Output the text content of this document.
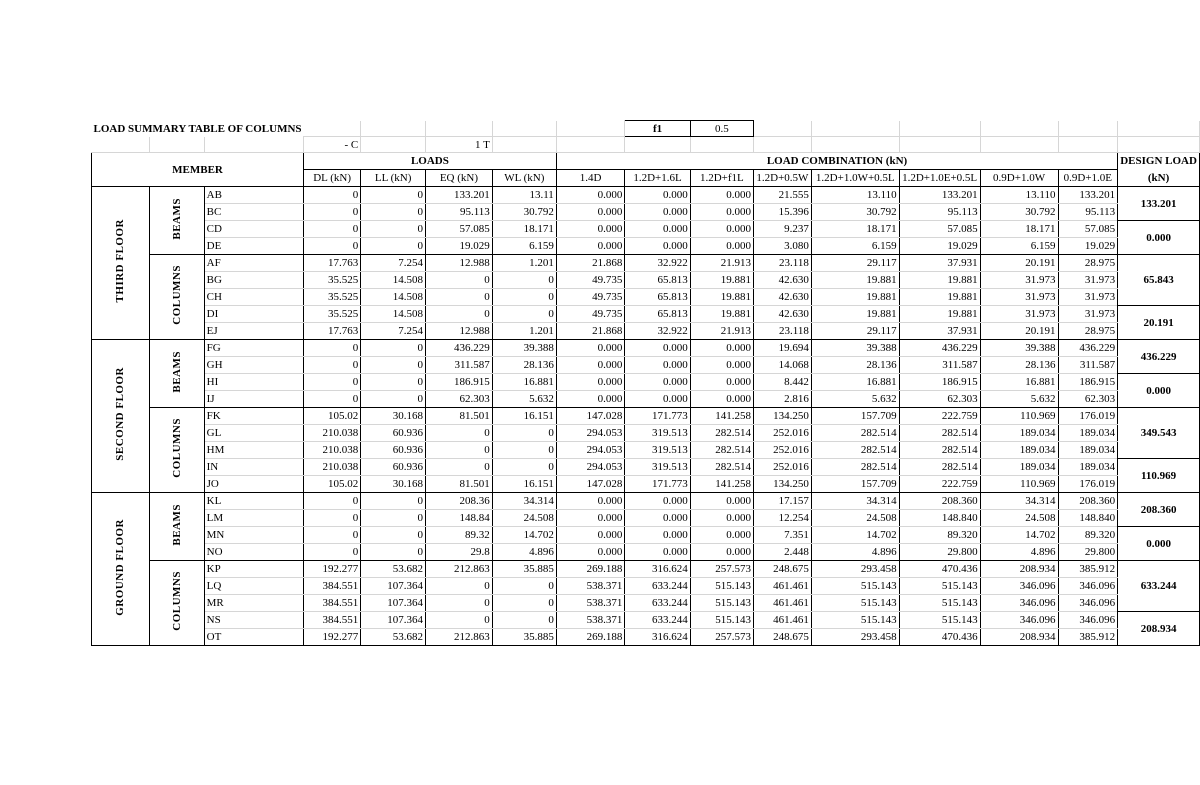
LOAD SUMMARY TABLE OF COLUMNS								f1	0.5						
			- C		1 T										
MEMBER			LOADS				LOAD COMBINATION (kN)								DESIGN LOAD
			DL (kN)	LL (kN)	EQ (kN)	WL (kN)	1.4D	1.2D+1.6L	1.2D+f1L	1.2D+0.5W	1.2D+1.0W+0.5L	1.2D+1.0E+0.5L	0.9D+1.0W	0.9D+1.0E	(kN)
THIRD FLOOR	BEAMS	AB	0	0	133.201	13.11	0.000	0.000	0.000	21.555	13.110	133.201	13.110	133.201	133.201
		BC	0	0	95.113	30.792	0.000	0.000	0.000	15.396	30.792	95.113	30.792	95.113	
		CD	0	0	57.085	18.171	0.000	0.000	0.000	9.237	18.171	57.085	18.171	57.085	0.000
		DE	0	0	19.029	6.159	0.000	0.000	0.000	3.080	6.159	19.029	6.159	19.029	
	COLUMNS	AF	17.763	7.254	12.988	1.201	21.868	32.922	21.913	23.118	29.117	37.931	20.191	28.975	65.843
		BG	35.525	14.508	0	0	49.735	65.813	19.881	42.630	19.881	19.881	31.973	31.973	
		CH	35.525	14.508	0	0	49.735	65.813	19.881	42.630	19.881	19.881	31.973	31.973	
		DI	35.525	14.508	0	0	49.735	65.813	19.881	42.630	19.881	19.881	31.973	31.973	20.191
		EJ	17.763	7.254	12.988	1.201	21.868	32.922	21.913	23.118	29.117	37.931	20.191	28.975	
SECOND FLOOR	BEAMS	FG	0	0	436.229	39.388	0.000	0.000	0.000	19.694	39.388	436.229	39.388	436.229	436.229
		GH	0	0	311.587	28.136	0.000	0.000	0.000	14.068	28.136	311.587	28.136	311.587	
		HI	0	0	186.915	16.881	0.000	0.000	0.000	8.442	16.881	186.915	16.881	186.915	0.000
		IJ	0	0	62.303	5.632	0.000	0.000	0.000	2.816	5.632	62.303	5.632	62.303	
	COLUMNS	FK	105.02	30.168	81.501	16.151	147.028	171.773	141.258	134.250	157.709	222.759	110.969	176.019	349.543
		GL	210.038	60.936	0	0	294.053	319.513	282.514	252.016	282.514	282.514	189.034	189.034	
		HM	210.038	60.936	0	0	294.053	319.513	282.514	252.016	282.514	282.514	189.034	189.034	
		IN	210.038	60.936	0	0	294.053	319.513	282.514	252.016	282.514	282.514	189.034	189.034	110.969
		JO	105.02	30.168	81.501	16.151	147.028	171.773	141.258	134.250	157.709	222.759	110.969	176.019	
GROUND FLOOR	BEAMS	KL	0	0	208.36	34.314	0.000	0.000	0.000	17.157	34.314	208.360	34.314	208.360	208.360
		LM	0	0	148.84	24.508	0.000	0.000	0.000	12.254	24.508	148.840	24.508	148.840	
		MN	0	0	89.32	14.702	0.000	0.000	0.000	7.351	14.702	89.320	14.702	89.320	0.000
		NO	0	0	29.8	4.896	0.000	0.000	0.000	2.448	4.896	29.800	4.896	29.800	
	COLUMNS	KP	192.277	53.682	212.863	35.885	269.188	316.624	257.573	248.675	293.458	470.436	208.934	385.912	633.244
		LQ	384.551	107.364	0	0	538.371	633.244	515.143	461.461	515.143	515.143	346.096	346.096	
		MR	384.551	107.364	0	0	538.371	633.244	515.143	461.461	515.143	515.143	346.096	346.096	
		NS	384.551	107.364	0	0	538.371	633.244	515.143	461.461	515.143	515.143	346.096	346.096	208.934
		OT	192.277	53.682	212.863	35.885	269.188	316.624	257.573	248.675	293.458	470.436	208.934	385.912	
